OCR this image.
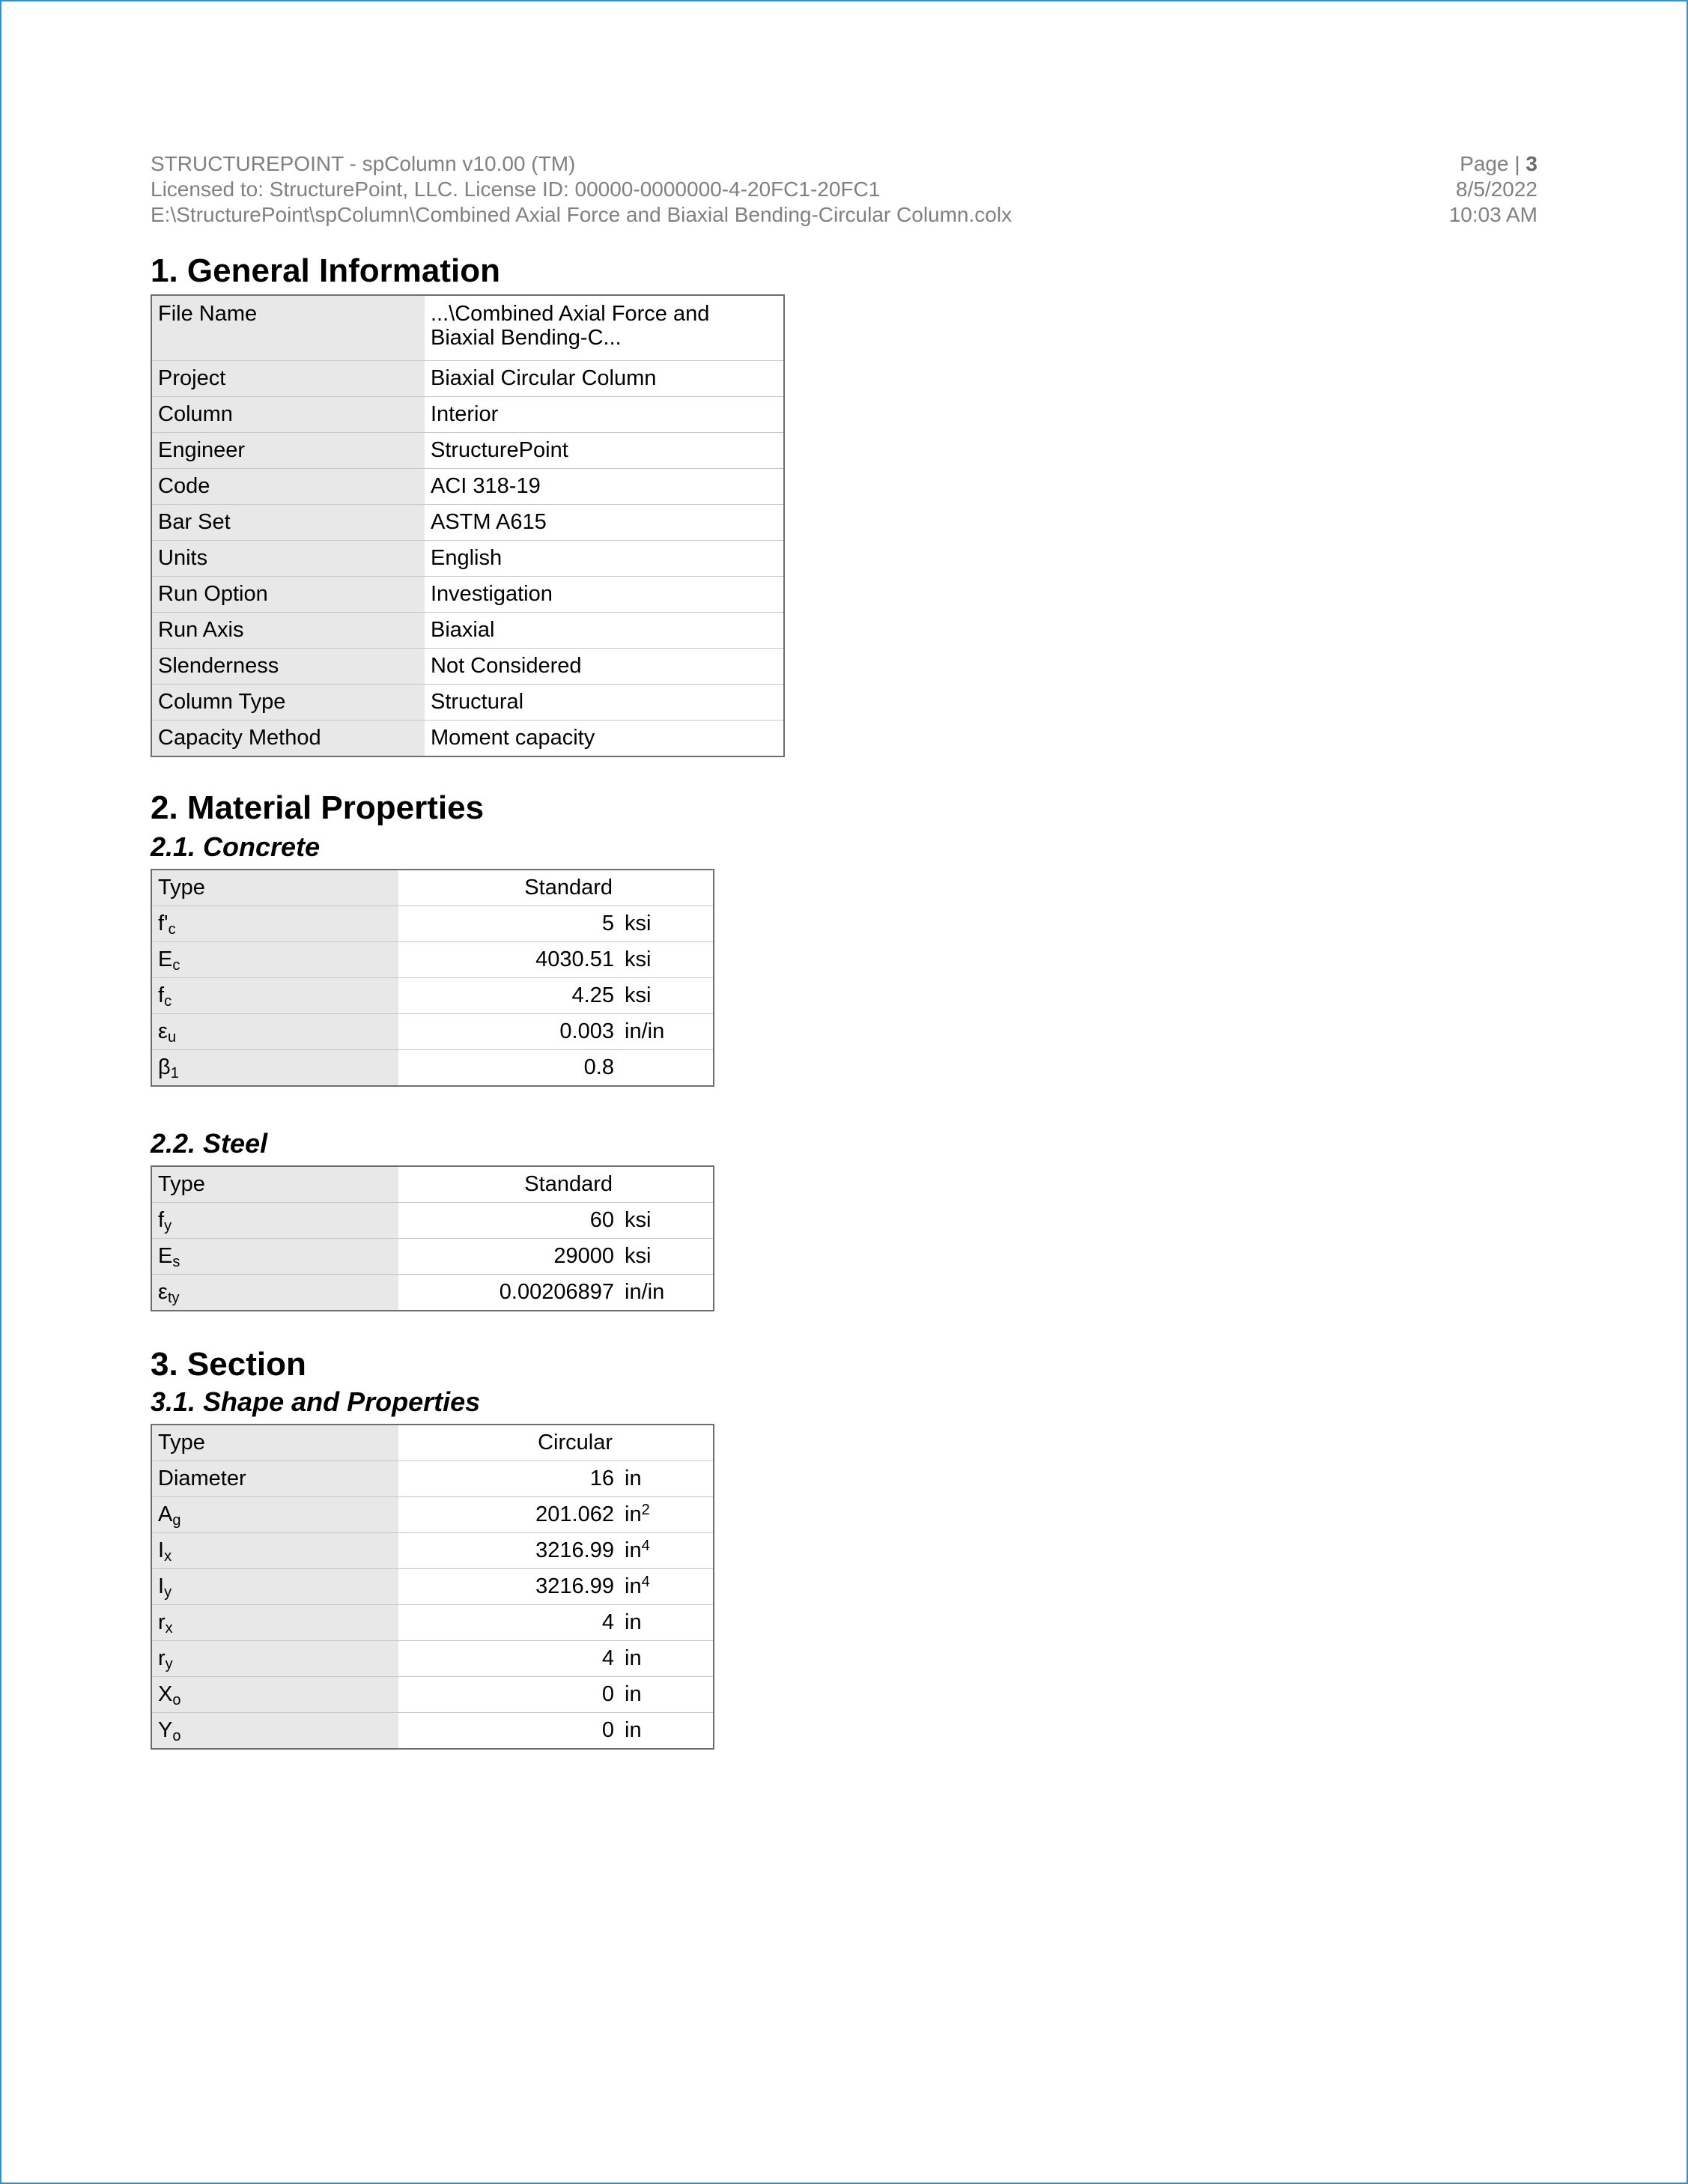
STRUCTUREPOINT - spColumn v10.00 (TM)
Licensed to: StructurePoint, LLC. License ID: 00000-0000000-4-20FC1-20FC1
E:\StructurePoint\spColumn\Combined Axial Force and Biaxial Bending-Circular Column.colx
Page | 3
8/5/2022
10:03 AM
1. General Information
File Name	...\Combined Axial Force and
Biaxial Bending-C...

Project	Biaxial Circular Column
Column	Interior
Engineer	StructurePoint
Code	ACI 318-19
Bar Set	ASTM A615
Units	English
Run Option	Investigation
Run Axis	Biaxial
Slenderness	Not Considered
Column Type	Structural
Capacity Method	Moment capacity
2. Material Properties
2.1. Concrete
Type	Standard	
$f'_c$	5	ksi
$E_c$	4030.51	ksi
$f_c$	4.25	ksi
$\varepsilon_u$	0.003	in/in
$\beta_1$	0.8	
2.2. Steel
Type	Standard	
$f_y$	60	ksi
$E_s$	29000	ksi
$\varepsilon_{ty}$	0.00206897	in/in
3. Section
3.1. Shape and Properties
Type	Circular	
Diameter	16	in
$A_g$	201.062	$in^2$
$I_x$	3216.99	$in^4$
$I_y$	3216.99	$in^4$
$r_x$	4	in
$r_y$	4	in
$X_o$	0	in
$Y_o$	0	in
